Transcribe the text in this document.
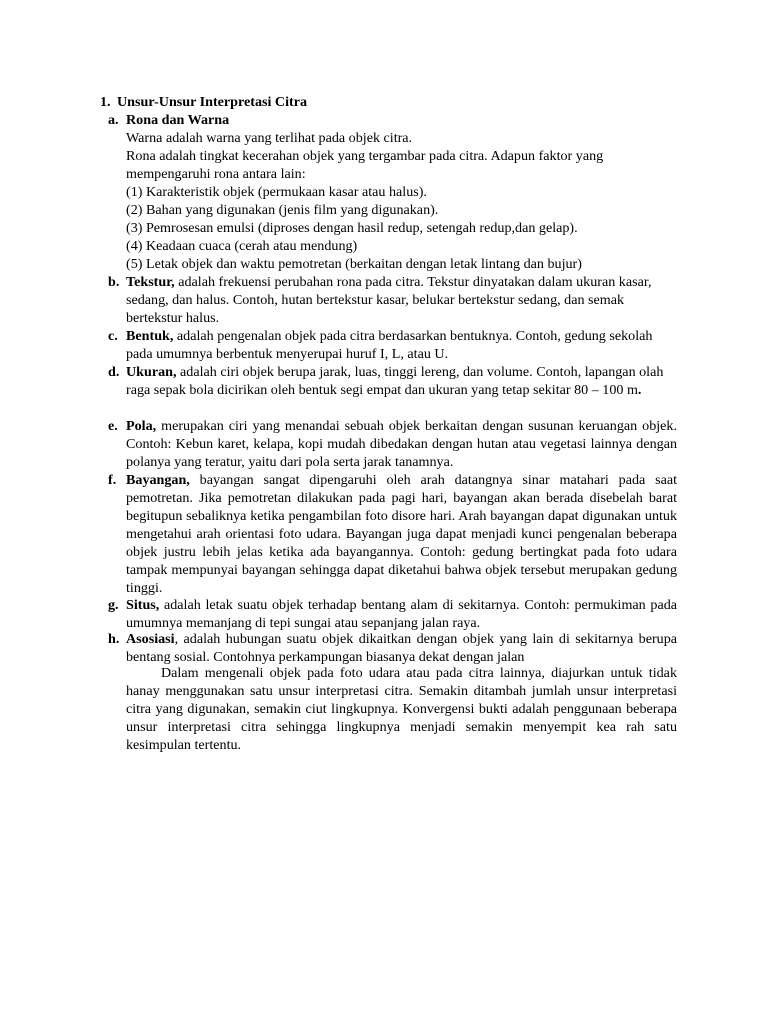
1. Unsur-Unsur Interpretasi Citra
a. Rona dan Warna
Warna adalah warna yang terlihat pada objek citra.
Rona adalah tingkat kecerahan objek yang tergambar pada citra. Adapun faktor yang
mempengaruhi rona antara lain:
(1) Karakteristik objek (permukaan kasar atau halus).
(2) Bahan yang digunakan (jenis film yang digunakan).
(3) Pemrosesan emulsi (diproses dengan hasil redup, setengah redup,dan gelap).
(4) Keadaan cuaca (cerah atau mendung)
(5) Letak objek dan waktu pemotretan (berkaitan dengan letak lintang dan bujur)
b. Tekstur, adalah frekuensi perubahan rona pada citra. Tekstur dinyatakan dalam ukuran kasar, sedang, dan halus. Contoh, hutan bertekstur kasar, belukar bertekstur sedang, dan semak bertekstur halus.
c. Bentuk, adalah pengenalan objek pada citra berdasarkan bentuknya. Contoh, gedung sekolah pada umumnya berbentuk menyerupai huruf I, L, atau U.
d. Ukuran, adalah ciri objek berupa jarak, luas, tinggi lereng, dan volume. Contoh, lapangan olah raga sepak bola dicirikan oleh bentuk segi empat dan ukuran yang tetap sekitar 80 – 100 m.
e. Pola, merupakan ciri yang menandai sebuah objek berkaitan dengan susunan keruangan objek. Contoh: Kebun karet, kelapa, kopi mudah dibedakan dengan hutan atau vegetasi lainnya dengan polanya yang teratur, yaitu dari pola serta jarak tanamnya.
f. Bayangan, bayangan sangat dipengaruhi oleh arah datangnya sinar matahari pada saat pemotretan. Jika pemotretan dilakukan pada pagi hari, bayangan akan berada disebelah barat begitupun sebaliknya ketika pengambilan foto disore hari. Arah bayangan dapat digunakan untuk mengetahui arah orientasi foto udara. Bayangan juga dapat menjadi kunci pengenalan beberapa objek justru lebih jelas ketika ada bayangannya. Contoh: gedung bertingkat pada foto udara tampak mempunyai bayangan sehingga dapat diketahui bahwa objek tersebut merupakan gedung tinggi.
g. Situs, adalah letak suatu objek terhadap bentang alam di sekitarnya. Contoh: permukiman pada umumnya memanjang di tepi sungai atau sepanjang jalan raya.
h. Asosiasi, adalah hubungan suatu objek dikaitkan dengan objek yang lain di sekitarnya berupa bentang sosial. Contohnya perkampungan biasanya dekat dengan jalan
Dalam mengenali objek pada foto udara atau pada citra lainnya, diajurkan untuk tidak hanay menggunakan satu unsur interpretasi citra. Semakin ditambah jumlah unsur interpretasi citra yang digunakan, semakin ciut lingkupnya. Konvergensi bukti adalah penggunaan beberapa unsur interpretasi citra sehingga lingkupnya menjadi semakin menyempit kea rah satu kesimpulan tertentu.
